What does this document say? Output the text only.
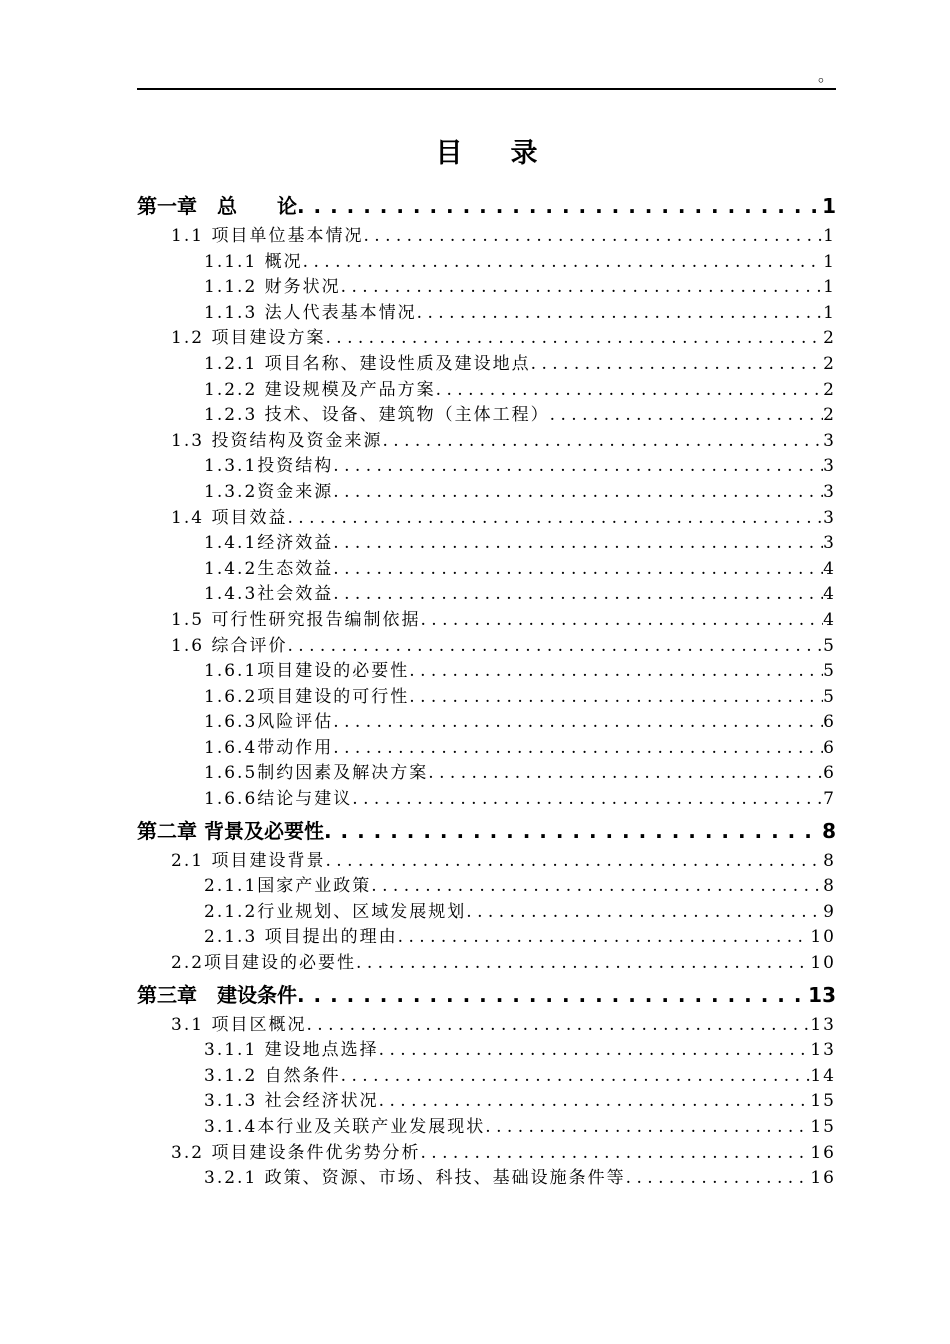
。
目录
第一章　总　　论 . . .	1
1.1 项目单位基本情况 . . .	1
1.1.1 概况 . . .	1
1.1.2 财务状况 . . .	1
1.1.3 法人代表基本情况 . . .	1
1.2 项目建设方案 . . .	2
1.2.1 项目名称、建设性质及建设地点 . . .	2
1.2.2 建设规模及产品方案 . . .	2
1.2.3 技术、设备、建筑物（主体工程） . . .	2
1.3 投资结构及资金来源 . . .	3
1.3.1投资结构 . . .	3
1.3.2资金来源 . . .	3
1.4 项目效益 . . .	3
1.4.1经济效益 . . .	3
1.4.2生态效益 . . .	4
1.4.3社会效益 . . .	4
1.5 可行性研究报告编制依据 . . .	4
1.6 综合评价 . . .	5
1.6.1项目建设的必要性 . . .	5
1.6.2项目建设的可行性 . . .	5
1.6.3风险评估 . . .	6
1.6.4带动作用 . . .	6
1.6.5制约因素及解决方案 . . .	6
1.6.6结论与建议 . . .	7
第二章 背景及必要性 . . .	8
2.1 项目建设背景 . . .	8
2.1.1国家产业政策 . . .	8
2.1.2行业规划、区域发展规划 . . .	9
2.1.3 项目提出的理由 . . .	10
2.2项目建设的必要性 . . .	10
第三章　建设条件 . . .	13
3.1 项目区概况 . . .	13
3.1.1 建设地点选择 . . .	13
3.1.2 自然条件 . . .	14
3.1.3 社会经济状况 . . .	15
3.1.4本行业及关联产业发展现状 . . .	15
3.2 项目建设条件优劣势分析 . . .	16
3.2.1 政策、资源、市场、科技、基础设施条件等 . . .	16
